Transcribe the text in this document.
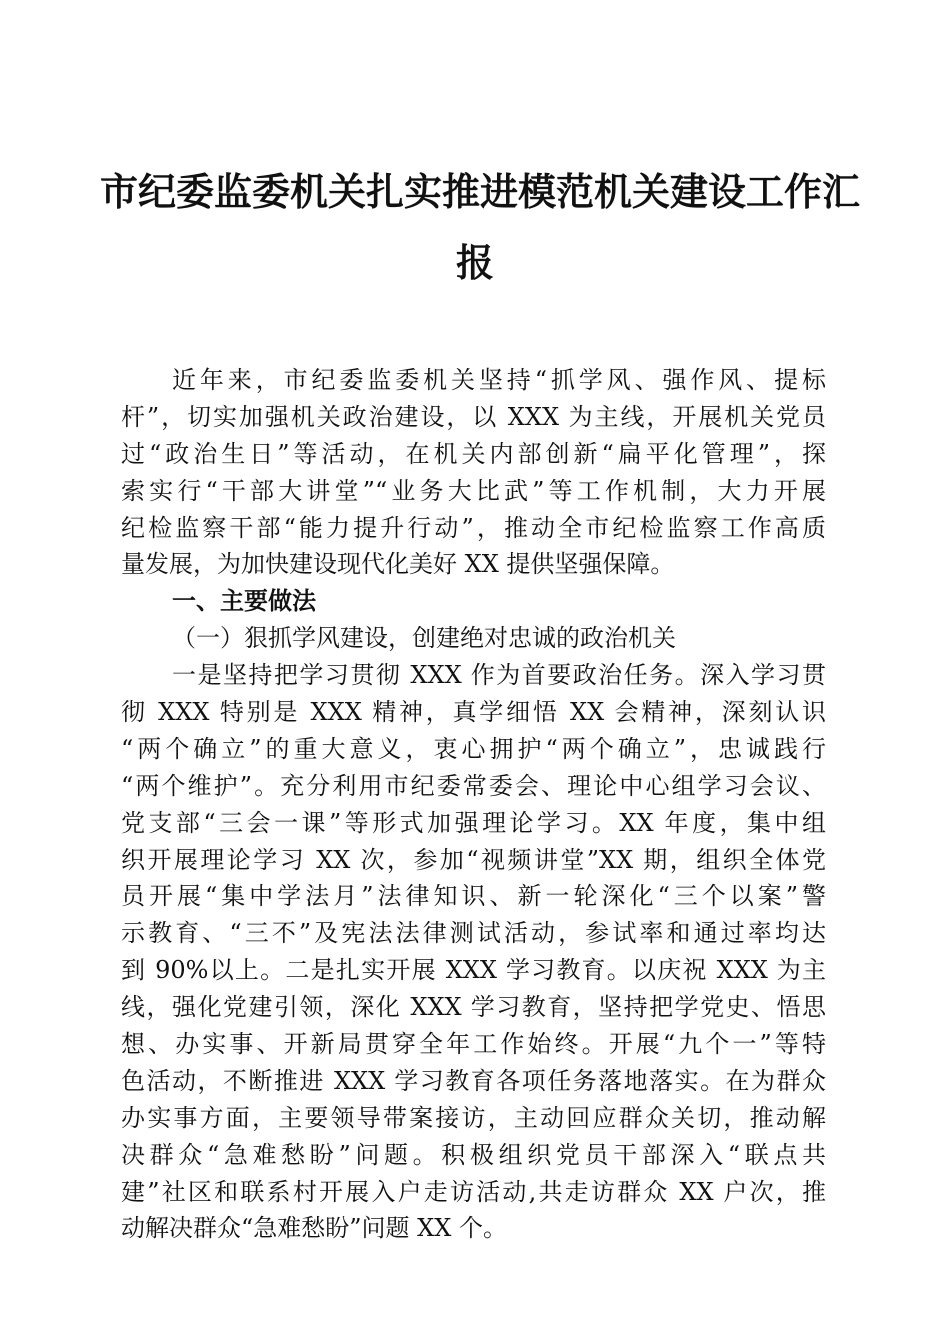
市纪委监委机关扎实推进模范机关建设工作汇
报
近年来，市纪委监委机关坚持“抓学风、强作风、提标
杆”，切实加强机关政治建设，以 XXX 为主线，开展机关党员
过“政治生日”等活动，在机关内部创新“扁平化管理”，探
索实行“干部大讲堂”“业务大比武”等工作机制，大力开展
纪检监察干部“能力提升行动”，推动全市纪检监察工作高质
量发展，为加快建设现代化美好 XX 提供坚强保障。
一、主要做法
（一）狠抓学风建设，创建绝对忠诚的政治机关
一是坚持把学习贯彻 XXX 作为首要政治任务。深入学习贯
彻 XXX 特别是 XXX 精神，真学细悟 XX 会精神，深刻认识
“两个确立”的重大意义，衷心拥护“两个确立”，忠诚践行
“两个维护”。充分利用市纪委常委会、理论中心组学习会议、
党支部“三会一课”等形式加强理论学习。XX 年度，集中组
织开展理论学习 XX 次，参加“视频讲堂”XX 期，组织全体党
员开展“集中学法月”法律知识、新一轮深化“三个以案”警
示教育、“三不”及宪法法律测试活动，参试率和通过率均达
到 90%以上。二是扎实开展 XXX 学习教育。以庆祝 XXX 为主
线，强化党建引领，深化 XXX 学习教育，坚持把学党史、悟思
想、办实事、开新局贯穿全年工作始终。开展“九个一”等特
色活动，不断推进 XXX 学习教育各项任务落地落实。在为群众
办实事方面，主要领导带案接访，主动回应群众关切，推动解
决群众“急难愁盼”问题。积极组织党员干部深入“联点共
建”社区和联系村开展入户走访活动,共走访群众 XX 户次，推
动解决群众“急难愁盼”问题 XX 个。
